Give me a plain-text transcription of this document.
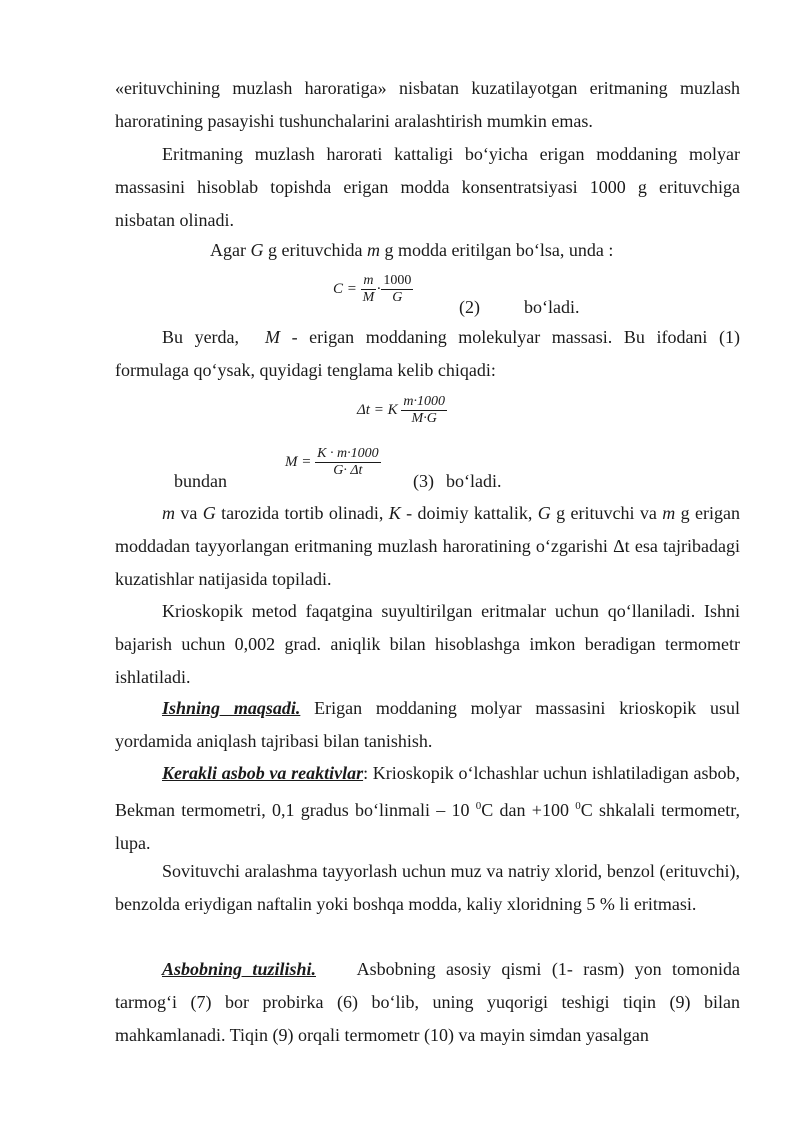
«erituvchining muzlash haroratiga» nisbatan kuzatilayotgan eritmaning muzlash haroratining pasayishi tushunchalarini aralashtirish mumkin emas.

Eritmaning muzlash harorati kattaligi bo‘yicha erigan moddaning molyar massasini hisoblab topishda erigan modda konsentratsiyasi 1000 g erituvchiga nisbatan olinadi.

Agar G g erituvchida m g modda eritilgan bo‘lsa, unda :

$C = \frac{m}{M} \cdot \frac{1000}{G}$
(2) bo‘ladi.

Bu yerda, M - erigan moddaning molekulyar massasi. Bu ifodani (1) formulaga qo‘ysak, quyidagi tenglama kelib chiqadi:

Δt = K $\frac{m\cdot 1000}{M\cdot G}$
bundan
$M = \frac{K \cdot m\cdot 1000}{G\cdot \Delta t}$
(3) bo‘ladi.

m va G tarozida tortib olinadi, K - doimiy kattalik, G g erituvchi va m g erigan moddadan tayyorlangan eritmaning muzlash haroratining o‘zgarishi Δt esa tajribadagi kuzatishlar natijasida topiladi.

Krioskopik metod faqatgina suyultirilgan eritmalar uchun qo‘llaniladi. Ishni bajarish uchun 0,002 grad. aniqlik bilan hisoblashga imkon beradigan termometr ishlatiladi.

Ishning maqsadi. Erigan moddaning molyar massasini krioskopik usul yordamida aniqlash tajribasi bilan tanishish.

Kerakli asbob va reaktivlar: Krioskopik o‘lchashlar uchun ishlatiladigan asbob, Bekman termometri, 0,1 gradus bo‘linmali – 10 $^0$C dan +100 $^0$C shkalali termometr, lupa.

Sovituvchi aralashma tayyorlash uchun muz va natriy xlorid, benzol (erituvchi), benzolda eriydigan naftalin yoki boshqa modda, kaliy xloridning 5 % li eritmasi.

Asbobning tuzilishi.    Asbobning asosiy qismi (1- rasm) yon tomonida tarmog‘i (7) bor probirka (6) bo‘lib, uning yuqorigi teshigi tiqin (9) bilan mahkamlanadi. Tiqin (9) orqali termometr (10) va mayin simdan yasalgan
